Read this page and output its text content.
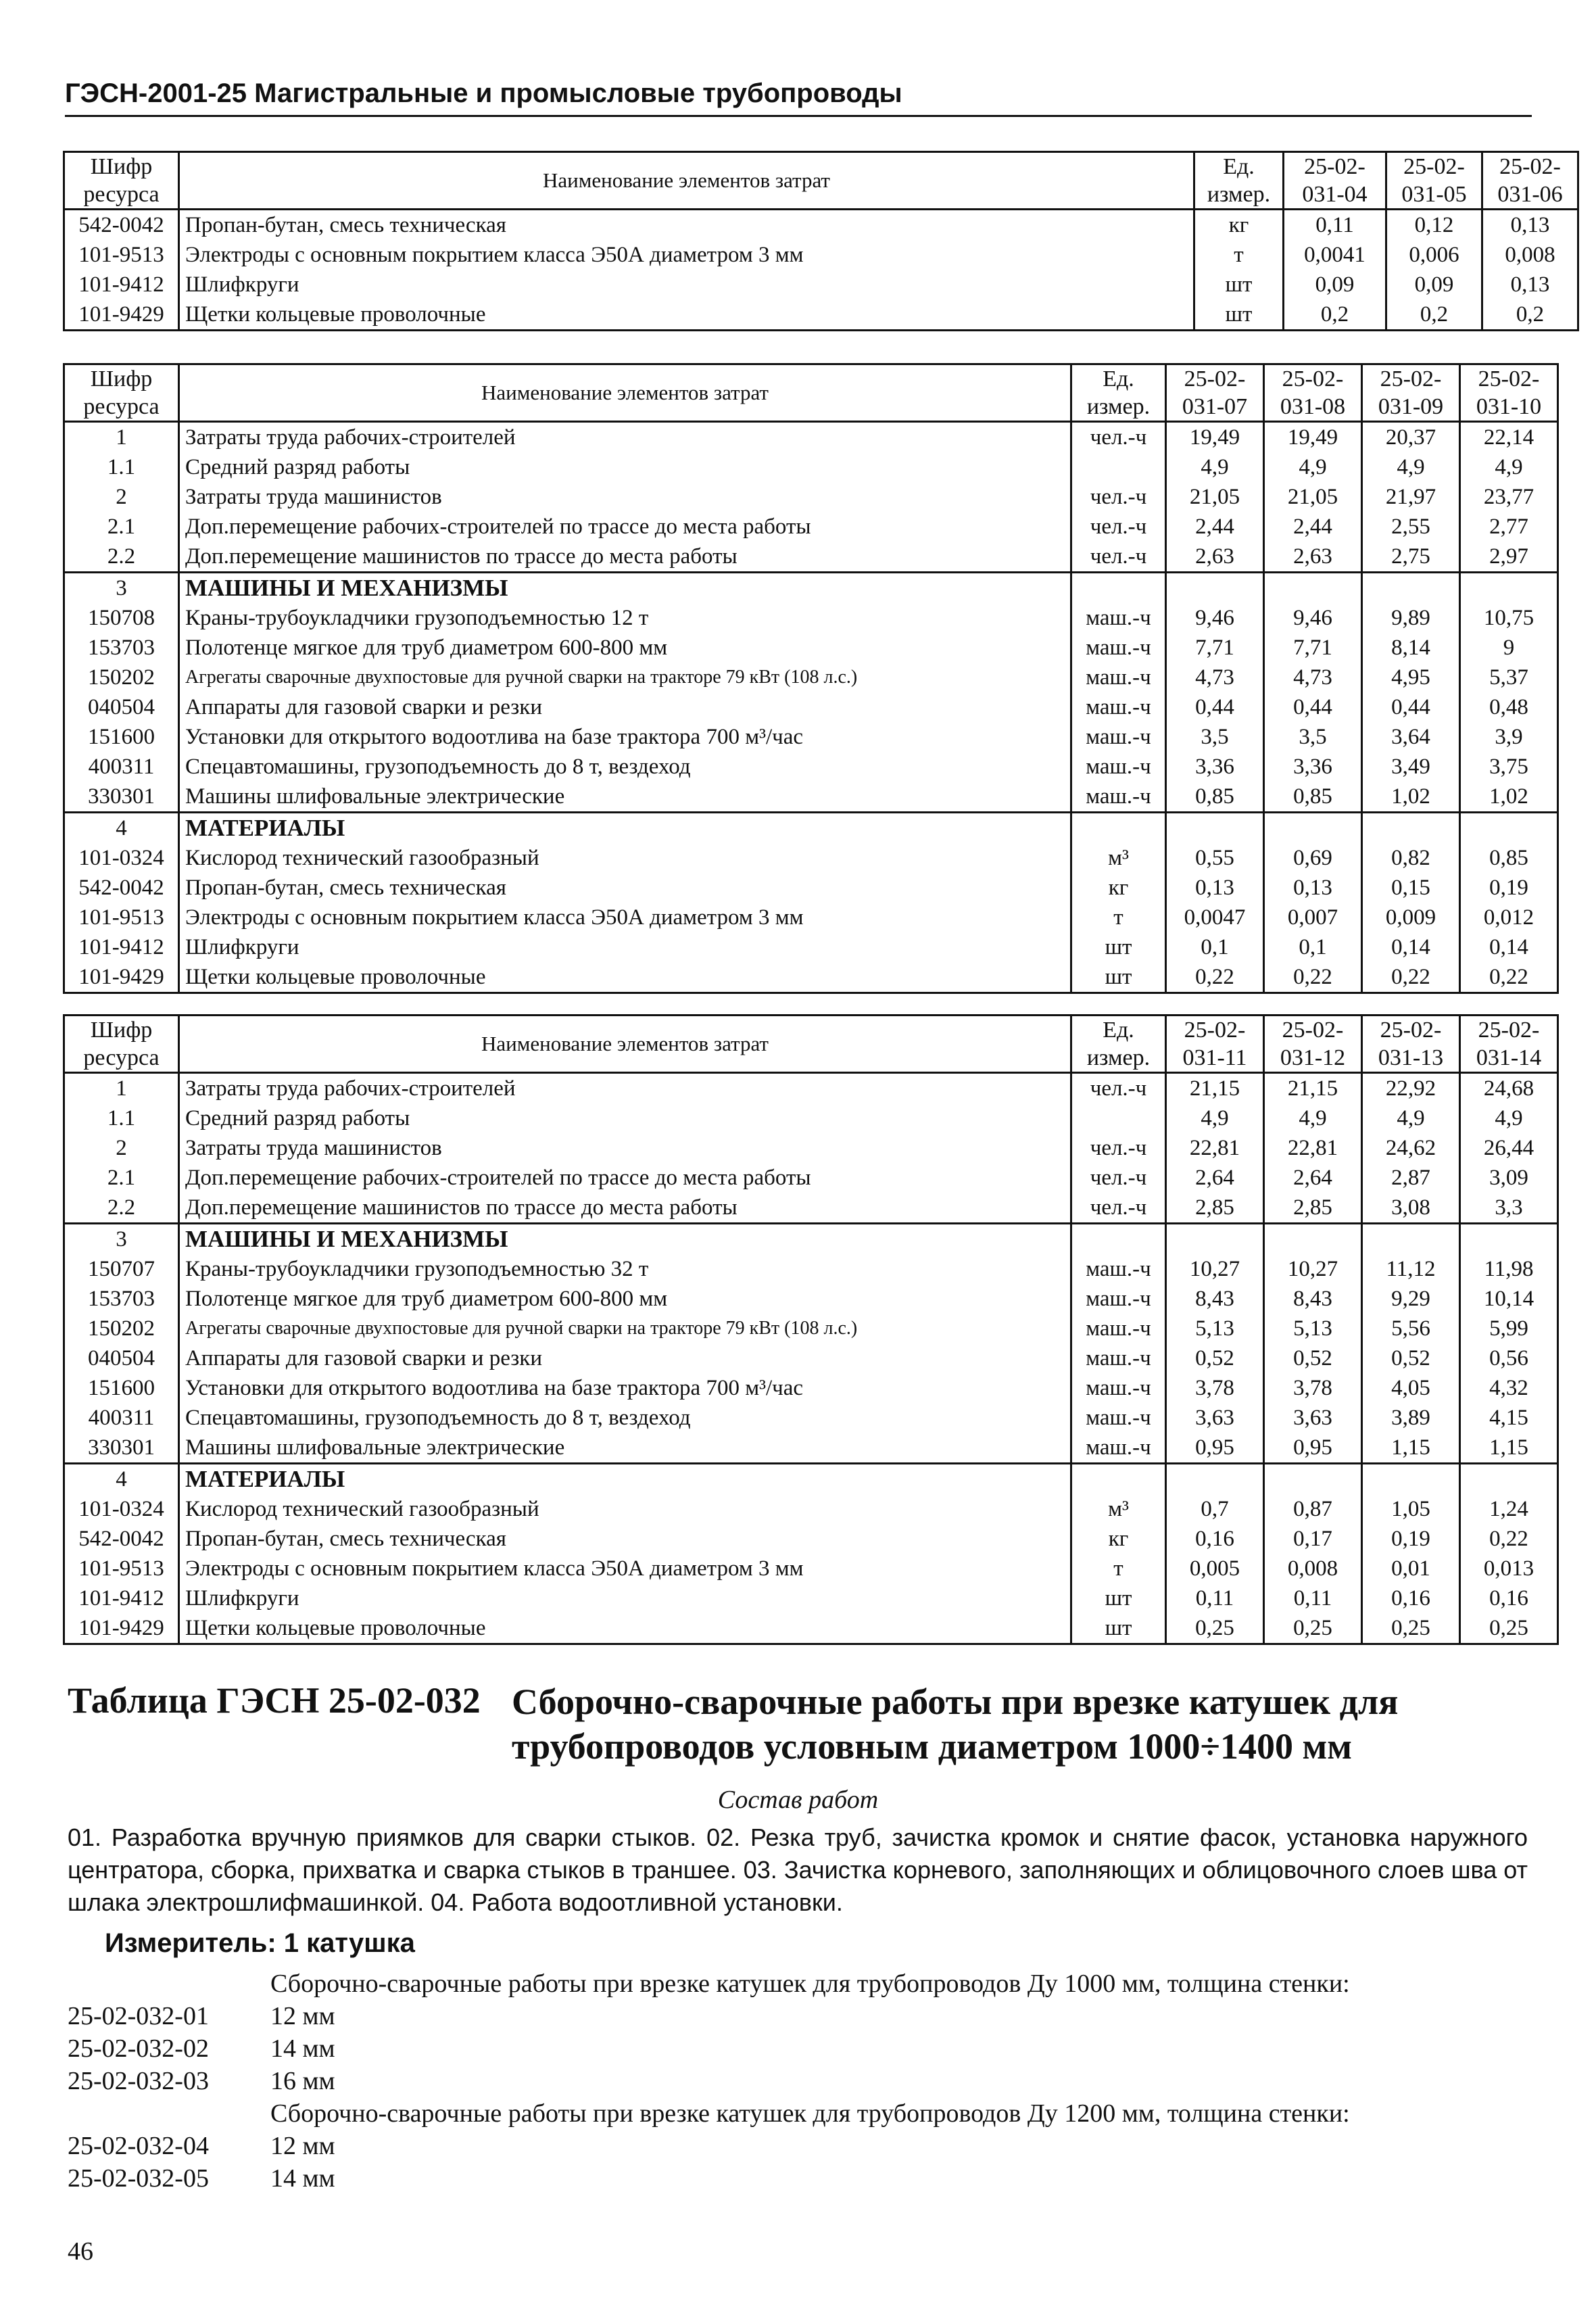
ГЭСН-2001-25 Магистральные и промысловые трубопроводы
Шифр	Наименование элементов затрат	Ед.	25-02-	25-02-	25-02-
ресурса		измер.	031-04	031-05	031-06
542-0042	Пропан-бутан, смесь техническая	кг	0,11	0,12	0,13
101-9513	Электроды с основным покрытием класса Э50А диаметром 3 мм	т	0,0041	0,006	0,008
101-9412	Шлифкруги	шт	0,09	0,09	0,13
101-9429	Щетки кольцевые проволочные	шт	0,2	0,2	0,2
Шифр	Наименование элементов затрат	Ед.	25-02-	25-02-	25-02-	25-02-
ресурса		измер.	031-07	031-08	031-09	031-10
1	Затраты труда рабочих-строителей	чел.-ч	19,49	19,49	20,37	22,14
1.1	Средний разряд работы		4,9	4,9	4,9	4,9
2	Затраты труда машинистов	чел.-ч	21,05	21,05	21,97	23,77
2.1	Доп.перемещение рабочих-строителей по трассе до места работы	чел.-ч	2,44	2,44	2,55	2,77
2.2	Доп.перемещение машинистов по трассе до места работы	чел.-ч	2,63	2,63	2,75	2,97
3	МАШИНЫ И МЕХАНИЗМЫ					
150708	Краны-трубоукладчики грузоподъемностью 12 т	маш.-ч	9,46	9,46	9,89	10,75
153703	Полотенце мягкое для труб диаметром 600-800 мм	маш.-ч	7,71	7,71	8,14	9
150202	Агрегаты сварочные двухпостовые для ручной сварки на тракторе 79 кВт (108 л.с.)	маш.-ч	4,73	4,73	4,95	5,37
040504	Аппараты для газовой сварки и резки	маш.-ч	0,44	0,44	0,44	0,48
151600	Установки для открытого водоотлива на базе трактора 700 м³/час	маш.-ч	3,5	3,5	3,64	3,9
400311	Спецавтомашины, грузоподъемность до 8 т, вездеход	маш.-ч	3,36	3,36	3,49	3,75
330301	Машины шлифовальные электрические	маш.-ч	0,85	0,85	1,02	1,02
4	МАТЕРИАЛЫ					
101-0324	Кислород технический газообразный	м³	0,55	0,69	0,82	0,85
542-0042	Пропан-бутан, смесь техническая	кг	0,13	0,13	0,15	0,19
101-9513	Электроды с основным покрытием класса Э50А диаметром 3 мм	т	0,0047	0,007	0,009	0,012
101-9412	Шлифкруги	шт	0,1	0,1	0,14	0,14
101-9429	Щетки кольцевые проволочные	шт	0,22	0,22	0,22	0,22
Шифр	Наименование элементов затрат	Ед.	25-02-	25-02-	25-02-	25-02-
ресурса		измер.	031-11	031-12	031-13	031-14
1	Затраты труда рабочих-строителей	чел.-ч	21,15	21,15	22,92	24,68
1.1	Средний разряд работы		4,9	4,9	4,9	4,9
2	Затраты труда машинистов	чел.-ч	22,81	22,81	24,62	26,44
2.1	Доп.перемещение рабочих-строителей по трассе до места работы	чел.-ч	2,64	2,64	2,87	3,09
2.2	Доп.перемещение машинистов по трассе до места работы	чел.-ч	2,85	2,85	3,08	3,3
3	МАШИНЫ И МЕХАНИЗМЫ					
150707	Краны-трубоукладчики грузоподъемностью 32 т	маш.-ч	10,27	10,27	11,12	11,98
153703	Полотенце мягкое для труб диаметром 600-800 мм	маш.-ч	8,43	8,43	9,29	10,14
150202	Агрегаты сварочные двухпостовые для ручной сварки на тракторе 79 кВт (108 л.с.)	маш.-ч	5,13	5,13	5,56	5,99
040504	Аппараты для газовой сварки и резки	маш.-ч	0,52	0,52	0,52	0,56
151600	Установки для открытого водоотлива на базе трактора 700 м³/час	маш.-ч	3,78	3,78	4,05	4,32
400311	Спецавтомашины, грузоподъемность до 8 т, вездеход	маш.-ч	3,63	3,63	3,89	4,15
330301	Машины шлифовальные электрические	маш.-ч	0,95	0,95	1,15	1,15
4	МАТЕРИАЛЫ					
101-0324	Кислород технический газообразный	м³	0,7	0,87	1,05	1,24
542-0042	Пропан-бутан, смесь техническая	кг	0,16	0,17	0,19	0,22
101-9513	Электроды с основным покрытием класса Э50А диаметром 3 мм	т	0,005	0,008	0,01	0,013
101-9412	Шлифкруги	шт	0,11	0,11	0,16	0,16
101-9429	Щетки кольцевые проволочные	шт	0,25	0,25	0,25	0,25
Таблица ГЭСН 25-02-032 Сборочно-сварочные работы при врезке катушек для трубопроводов условным диаметром 1000÷1400 мм
Состав работ
01. Разработка вручную приямков для сварки стыков. 02. Резка труб, зачистка кромок и снятие фасок, установка наружного центратора, сборка, прихватка и сварка стыков в траншее. 03. Зачистка корневого, заполняющих и облицовочного слоев шва от шлака электрошлифмашинкой. 04. Работа водоотливной установки.
Измеритель: 1 катушка
Сборочно-сварочные работы при врезке катушек для трубопроводов Ду 1000 мм, толщина стенки:
25-02-032-01 12 мм
25-02-032-02 14 мм
25-02-032-03 16 мм
Сборочно-сварочные работы при врезке катушек для трубопроводов Ду 1200 мм, толщина стенки:
25-02-032-04 12 мм
25-02-032-05 14 мм
46
